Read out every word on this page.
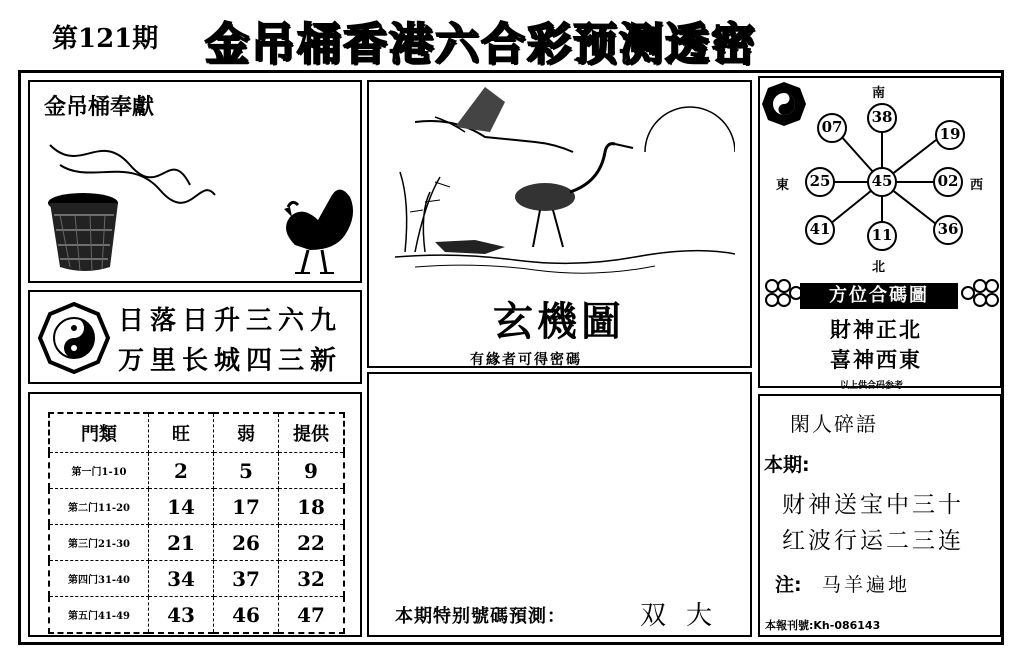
第121期 金吊桶香港六合彩预测透密
金吊桶奉獻
日落日升三六九
万里长城四三新
門類	旺	弱	提供
第一门1-10	2	5	9
第二门11-20	14	17	18
第三门21-30	21	26	22
第四门31-40	34	37	32
第五门41-49	43	46	47
玄機圖
有緣者可得密碼
本期特别號碼預測：	双大
南
北
東	西
45
38
19
02
36
11
41
25
07
方位合碼圖
財神正北
喜神西東
以上供合码参考
閑人碎語
本期:
财神送宝中三十
红波行运二三连
注: 马羊遍地
本報刊號:Kh-086143
